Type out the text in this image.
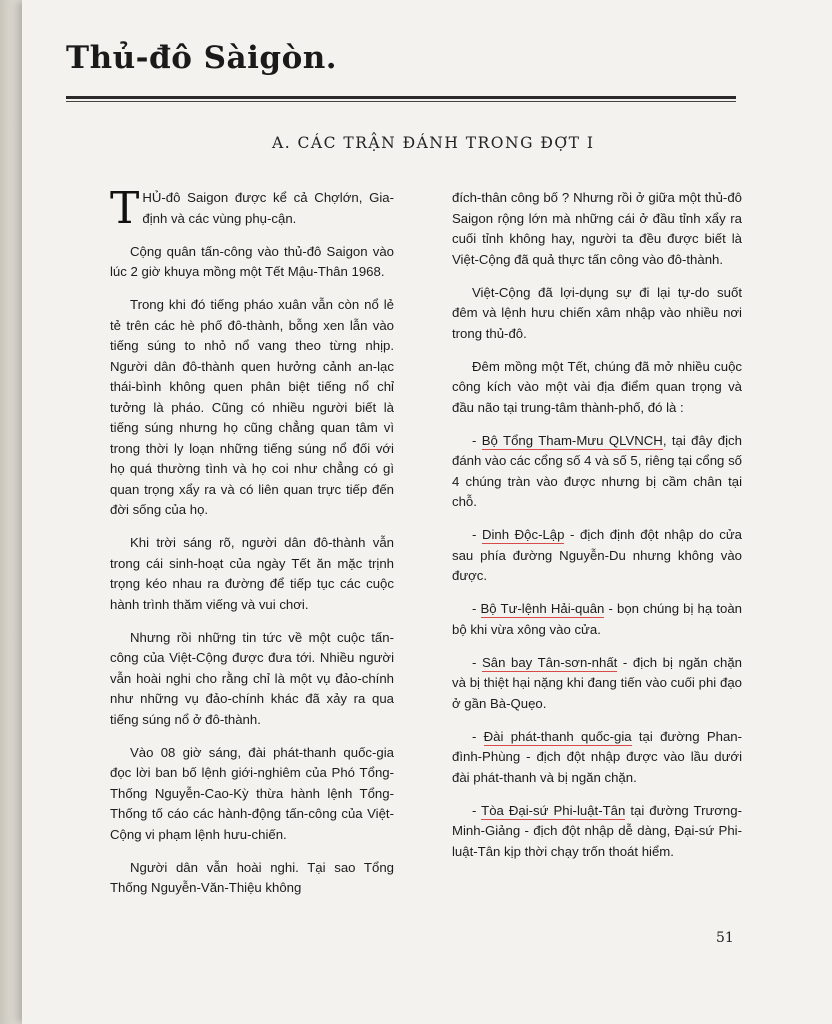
Thủ-đô Sàigòn.
A. CÁC TRẬN ĐÁNH TRONG ĐỢT I

T HỦ-đô Saigon được kể cả Chợlớn, Gia-định và các vùng phụ-cận.

Cộng quân tấn-công vào thủ-đô Saigon vào lúc 2 giờ khuya mồng một Tết Mậu-Thân 1968.

Trong khi đó tiếng pháo xuân vẫn còn nổ lẻ tẻ trên các hè phố đô-thành, bỗng xen lẫn vào tiếng súng to nhỏ nổ vang theo từng nhịp. Người dân đô-thành quen hưởng cảnh an-lạc thái-bình không quen phân biệt tiếng nổ chỉ tưởng là pháo. Cũng có nhiều người biết là tiếng súng nhưng họ cũng chẳng quan tâm vì trong thời ly loạn những tiếng súng nổ đối với họ quá thường tình và họ coi như chẳng có gì quan trọng xẩy ra và có liên quan trực tiếp đến đời sống của họ.

Khi trời sáng rõ, người dân đô-thành vẫn trong cái sinh-hoạt của ngày Tết ăn mặc trịnh trọng kéo nhau ra đường để tiếp tục các cuộc hành trình thăm viếng và vui chơi.

Nhưng rồi những tin tức về một cuộc tấn-công của Việt-Cộng được đưa tới. Nhiều người vẫn hoài nghi cho rằng chỉ là một vụ đảo-chính như những vụ đảo-chính khác đã xảy ra qua tiếng súng nổ ở đô-thành.

Vào 08 giờ sáng, đài phát-thanh quốc-gia đọc lời ban bố lệnh giới-nghiêm của Phó Tổng-Thống Nguyễn-Cao-Kỳ thừa hành lệnh Tổng-Thống tố cáo các hành-động tấn-công của Việt-Cộng vi phạm lệnh hưu-chiến.

Người dân vẫn hoài nghi. Tại sao Tổng Thống Nguyễn-Văn-Thiệu không

đích-thân công bố ? Nhưng rồi ở giữa một thủ-đô Saigon rộng lớn mà những cái ở đầu tỉnh xẩy ra cuối tỉnh không hay, người ta đều được biết là Việt-Cộng đã quả thực tấn công vào đô-thành.

Việt-Cộng đã lợi-dụng sự đi lại tự-do suốt đêm và lệnh hưu chiến xâm nhập vào nhiều nơi trong thủ-đô.

Đêm mồng một Tết, chúng đã mở nhiều cuộc công kích vào một vài địa điểm quan trọng và đầu não tại trung-tâm thành-phố, đó là :

- Bộ Tổng Tham-Mưu QLVNCH, tại đây địch đánh vào các cổng số 4 và số 5, riêng tại cổng số 4 chúng tràn vào được nhưng bị cầm chân tại chỗ.

- Dinh Độc-Lập - địch định đột nhập do cửa sau phía đường Nguyễn-Du nhưng không vào được.

- Bộ Tư-lệnh Hải-quân - bọn chúng bị hạ toàn bộ khi vừa xông vào cửa.

- Sân bay Tân-sơn-nhất - địch bị ngăn chặn và bị thiệt hại nặng khi đang tiến vào cuối phi đạo ở gần Bà-Quẹo.

- Đài phát-thanh quốc-gia tại đường Phan-đình-Phùng - địch đột nhập được vào lầu dưới đài phát-thanh và bị ngăn chặn.

- Tòa Đại-sứ Phi-luật-Tân tại đường Trương-Minh-Giảng - địch đột nhập dễ dàng, Đại-sứ Phi-luật-Tân kịp thời chạy trốn thoát hiểm.

51
